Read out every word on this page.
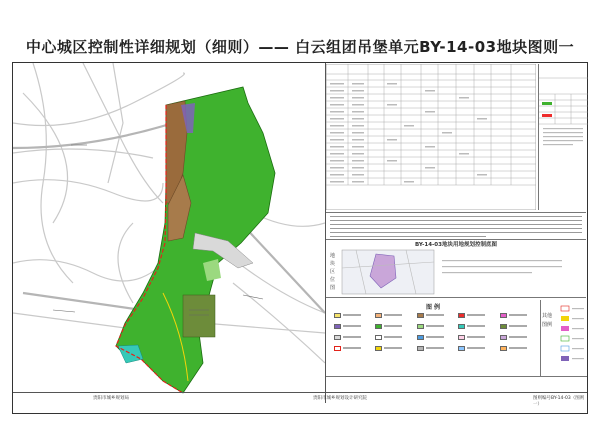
中心城区控制性详细规划（细则）—— 白云组团吊堡单元BY-14-03地块图则一
BY-14-03地块用地规划控制底图
地块区位图
图 例
其他图例
贵阳市城乡规划局	贵阳市城乡规划设计研究院	图则编号BY-14-03（图则一）
